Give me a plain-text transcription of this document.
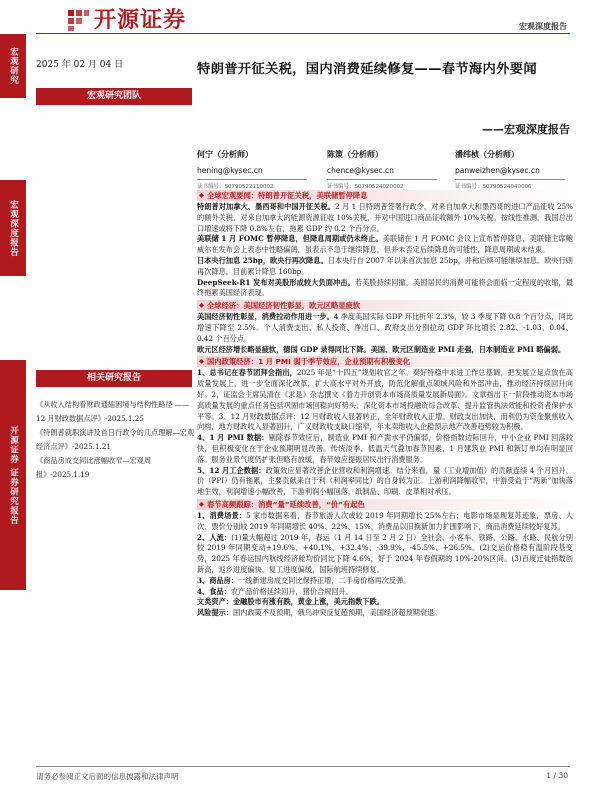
宏观研究
宏观深度报告
开源证券 证券研究报告
开源证券	宏观深度报告
2025 年 02 月 04 日
宏观研究团队
特朗普开征关税，国内消费延续修复——春节海内外要闻
——宏观深度报告
何宁（分析师）
hening@kysec.cn
证书编号：S0790522110002
陈策（分析师）
chence@kysec.cn
证书编号：S0790524020002
潘纬桢（分析师）
panweizhen@kysec.cn
证书编号：S0790524040006
相关研究报告
《从收入结构看财政通缩困境与结构性路径 ——12 月财政数据点评》-2025.1.25
《特朗普就职演讲及首日行政令的几点理解—宏观经济点评》-2025.1.21
《商品房成交同比涨幅收窄—宏观周报》-2025.1.19
◆ 全球宏观要闻：特朗普开征关税，美联储暂停降息

特朗普对加拿大、墨西哥和中国开征关税。2 月 1 日特朗普签署行政令，对来自加拿大和墨西哥的进口产品征收 25%的额外关税，对来自加拿大的能源资源征收 10%关税，并对中国进口商品征收额外 10%关税。按线性推测，我国总出口增速或将下降 0.8%左右，拖累 GDP 约 0.2 个百分点。

美联储 1 月 FOMC 暂停降息，但降息周期或仍未终止。美联储在 1 月 FOMC 会议上宣布暂停降息，美联储主席鲍威尔在发布会上表态中性略偏鸽，虽表示不急于继续降息，但并未否定后续降息的可能性，降息周期或未结束。

日本央行加息 25bp，欧央行再次降息。日本央行自 2007 年以来首次加息 25bp，并称后续可能继续加息。欧央行则再次降息，目前累计降息 160bp。

DeepSeek-R1 发布对美股形成较大负面冲击。若美股持续回撤，美国居民的消费可能将会面临一定程度的收缩，最终拖累美国经济表现。

◆ 全球经济：美国经济韧性彰显，欧元区略显疲软

美国经济韧性彰显，消费拉动作用进一步。4 季度美国实际 GDP 环比折年 2.3%，较 3 季度下降 0.8 个百分点，同比增速下降至 2.5%。个人消费支出、私人投资、净出口、政府支出分别拉动 GDP 环比增长 2.82、-1.03、0.04、0.42 个百分点。

欧元区经济增长略显疲软，德国 GDP 录得同比下降。美国、欧元区制造业 PMI 走强，日本制造业 PMI 略偏弱。

◆ 国内政策经济：1 月 PMI 弱于季节效应，企业预期有积极变化

1、总书记在春节团拜会指出，2025 年是“十四五”规划收官之年。奏好特稳中求进工作总基调，把发展立足点放在高质量发展上，进一步全面深化改革，扩大高水平对外开放，防范化解重点领域风险和外部冲击，推动经济持续回升向好。2、证监会主席吴清在《求是》杂志撰文《着力开创资本市场高质量发展新局面》。文章指出下一阶段推动资本市场高质量发展的重点任务包括巩固市场回稳向好势头、深化资本市场投融资综合改革、提升监管执法效能和投资者保护水平等。3、12 月财政数据点评：12 月财政收入显著转正，全年财政收入正增。财政支出加快，而利仍为资金聚焦收入向构，地方财政收入显著回升，广义财政收支缺口缩窄，年末卖地收入企稳预示地产改善趋势较为积极。

4、1 月 PMI 数据：剔除春节效应后，制造业 PMI 和产需水平仍偏弱，价格指数边际回升，中小企业 PMI 回落较快，但积极变化在于企业预期明显改善。传统淡季、低温天气叠加春节因素，1 月建筑业 PMI 和新订单均有明显回落。服务业景气度仍扩张但略有放缓，春节效应提振居民出行消费服务。

5、12 月工企数据：政策效应显著改善企业营收和利润增速。结分来看，量（工业增加值）的贡献连续 4 个月回升，价（PPI）仍有拖累，主要贡献来自于利（利润率同比）的自身转为正。上游利润降幅收窄，中游受益于“两新”加快落地生效，利润增速小幅改善，下游利润小幅回落，纸制品、印刷、皮革相对承压。

◆ 春节高频跟踪：消费“量”延续改善，“价”有起色

1、消费场景：5 家市数据来看，春节旅游人次或较 2019 年同期增长 25%左右；电影市场显现复苏迹象，票房、人次、票价分别较 2019 年同期增长 40%、22%、15%，消费品以旧换新加力扩围影响下，商品消费延续较好复苏。

2、人流：(1)量大幅超过 2019 年，春运（1 月 14 日至 2 月 2 日）全社会、小客车、铁路、公路、水路、民航分别较 2019 年同期变动+19.6%、+40.1%、+32.4%、-39.9%、-45.5%、+26.5%。(2)交运价格稳有温阶段基变势，2025 年春运国内航线经济舱均价同比下降 4.6%，好于 2024 年春假期的 10%-20%区间。(3)百度迁徙指数创新高，返乡进度偏快，复工进度偏缓，国际航班持续修复。

3、商品房：一线新建房成交同比保持正增，二手房价格再次反弹。

4、食品：农产品价格延续回升，猪价合规回升。

文类资产：金融股市有涨有跌，黄金上涨，美元指数下跌。

风险提示：国内政策不及预期，俄乌冲突反复超预期，美国经济超预期衰退。

请务必参阅正文后面的信息披露和法律声明	1 / 30
